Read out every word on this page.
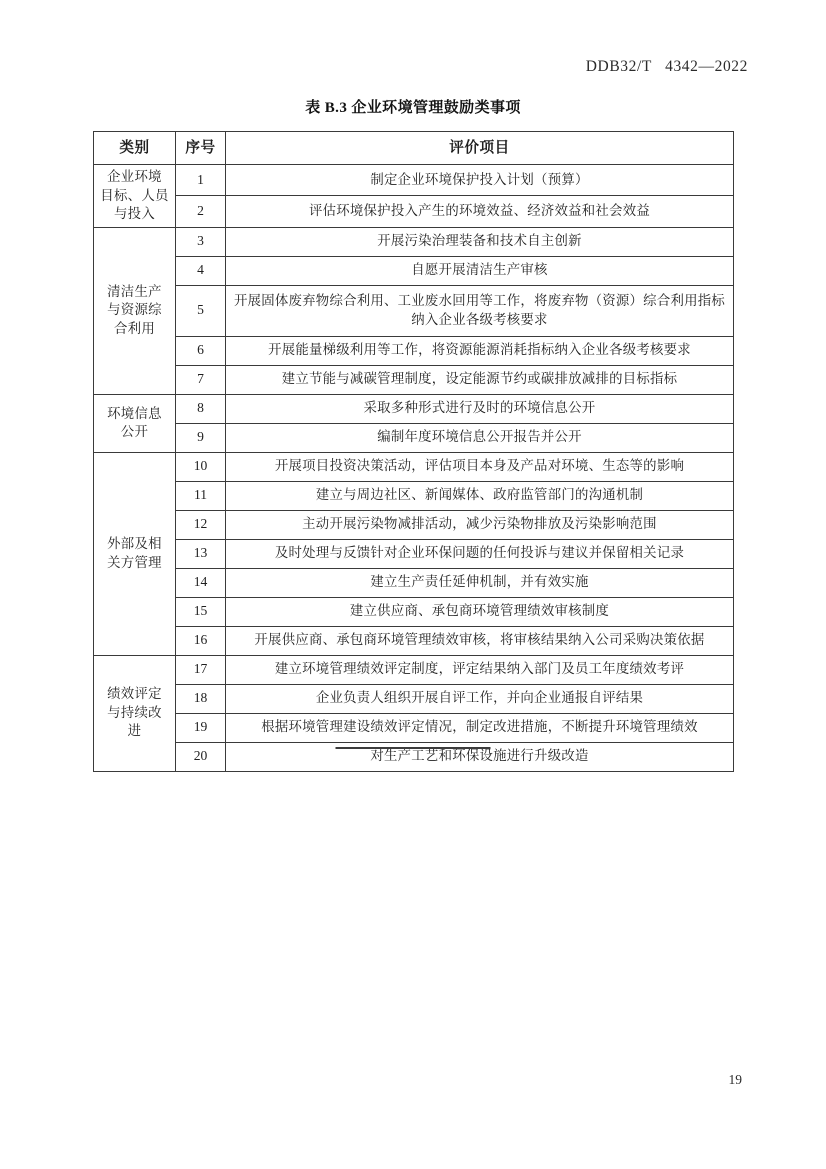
DDB32/T   4342—2022
表 B.3 企业环境管理鼓励类事项
类别	序号	评价项目
企业环境
目标、人员
与投入	1	制定企业环境保护投入计划（预算）
	2	评估环境保护投入产生的环境效益、经济效益和社会效益
清洁生产
与资源综
合利用	3	开展污染治理装备和技术自主创新
	4	自愿开展清洁生产审核
	5	开展固体废弃物综合利用、工业废水回用等工作，将废弃物（资源）综合利用指标纳入企业各级考核要求
	6	开展能量梯级利用等工作，将资源能源消耗指标纳入企业各级考核要求
	7	建立节能与减碳管理制度，设定能源节约或碳排放减排的目标指标
环境信息
公开	8	采取多种形式进行及时的环境信息公开
	9	编制年度环境信息公开报告并公开
外部及相
关方管理	10	开展项目投资决策活动，评估项目本身及产品对环境、生态等的影响
	11	建立与周边社区、新闻媒体、政府监管部门的沟通机制
	12	主动开展污染物减排活动，减少污染物排放及污染影响范围
	13	及时处理与反馈针对企业环保问题的任何投诉与建议并保留相关记录
	14	建立生产责任延伸机制，并有效实施
	15	建立供应商、承包商环境管理绩效审核制度
	16	开展供应商、承包商环境管理绩效审核，将审核结果纳入公司采购决策依据
绩效评定
与持续改
进	17	建立环境管理绩效评定制度，评定结果纳入部门及员工年度绩效考评
	18	企业负责人组织开展自评工作，并向企业通报自评结果
	19	根据环境管理建设绩效评定情况，制定改进措施，不断提升环境管理绩效
	20	对生产工艺和环保设施进行升级改造
19
